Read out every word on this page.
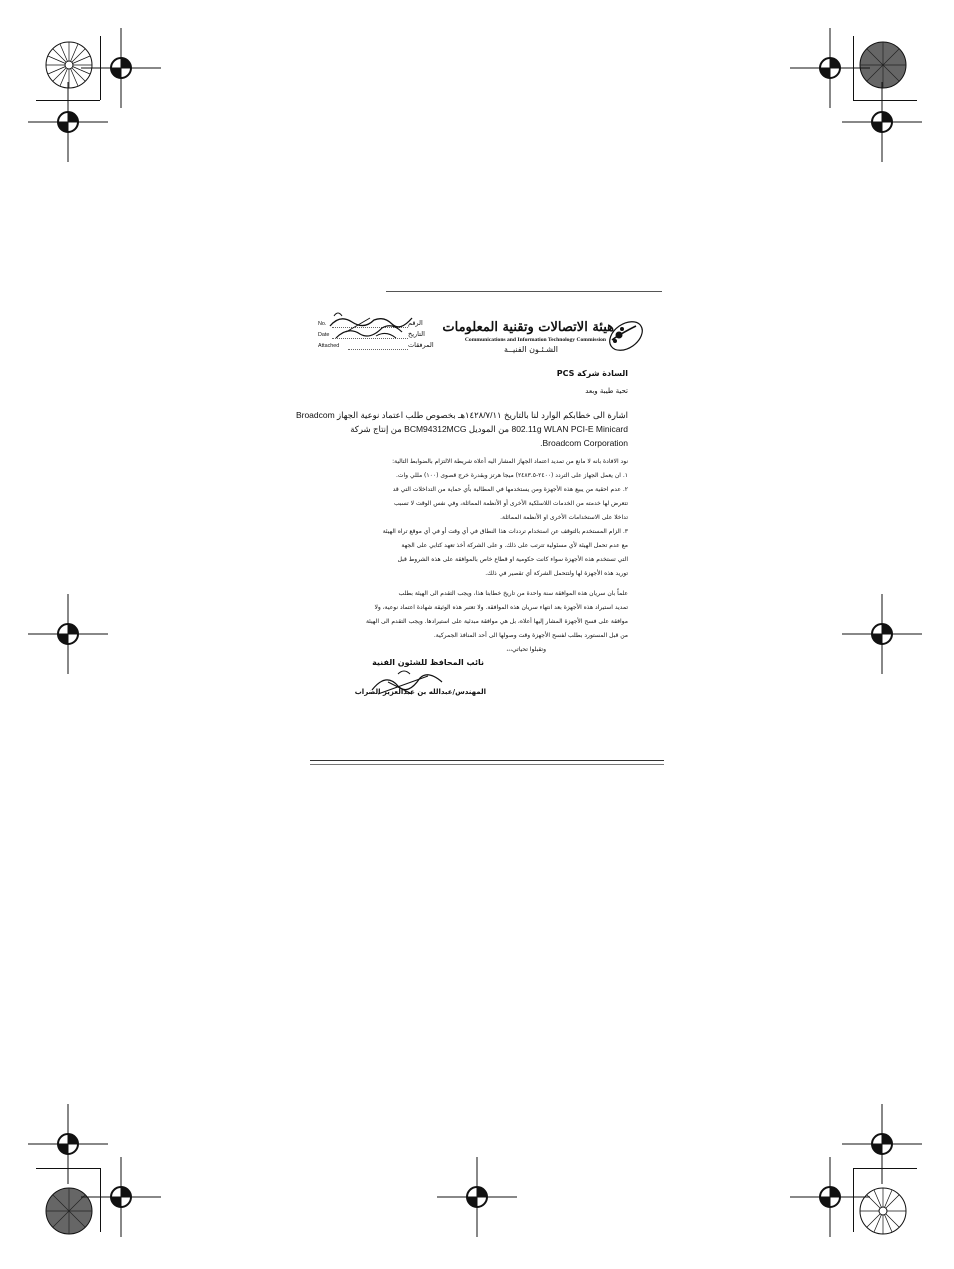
هيئة الاتصالات وتقنية المعلومات
Communications and Information Technology Commission
الشـئـون الفنيــة
No.	الرقم
Date	التاريخ
Attached	المرفقات
السادة شركة PCS
تحية طيبة وبعد
اشارة الى خطابكم الوارد لنا بالتاريخ ١٤٢٨/٧/١١هـ بخصوص طلب اعتماد نوعية الجهاز Broadcom
802.11g WLAN PCI-E Minicard من الموديل BCM94312MCG من إنتاج شركة
Broadcom Corporation.
نود الافادة بانه لا مانع من تمديد اعتماد الجهاز المشار اليه أعلاه شريطة الالتزام بالضوابط التالية:
١. ان يعمل الجهاز على التردد (٢٤٠٠-٢٤٨٣.٥) ميجا هرتز وبقدرة خرج قصوى (١٠٠) مللي وات.
٢. عدم احقية من يبيع هذه الأجهزة ومن يستخدمها في المطالبة بأي حماية من التداخلات التي قد
تتعرض لها خدمته من الخدمات اللاسلكية الأخرى أو الأنظمة المماثلة، وفي نفس الوقت لا تسبب
تداخلا على الاستخدامات الأخرى او الأنظمة المماثلة.
٣. الزام المستخدم بالتوقف عن استخدام ترددات هذا النطاق في أي وقت أو في أي موقع تراه الهيئة
مع عدم تحمل الهيئة لأي مسئولية تترتب على ذلك. و على الشركة أخذ تعهد كتابي على الجهة
التي تستخدم هذه الأجهزة سواء كانت حكومية او قطاع خاص بالموافقة على هذه الشروط قبل
توريد هذه الأجهزة لها ولتتحمل الشركة أي تقصير في ذلك.
علماً بان سريان هذه الموافقة سنة واحدة من تاريخ خطابنا هذا، ويجب التقدم الى الهيئة بطلب
تمديد استيراد هذه الأجهزة بعد انتهاء سريان هذه الموافقة. ولا تعتبر هذه الوثيقة شهادة اعتماد نوعية، ولا
موافقة على فسح الأجهزة المشار إليها أعلاه، بل هي موافقة مبدئية على استيرادها. ويجب التقدم الى الهيئة
من قبل المستورد بطلب لفسح الأجهزة وقت وصولها الى أحد المنافذ الجمركية.
وتقبلوا تحياتي،،،
نائب المحافظ للشئون الفنية
المهندس/عبدالله بن عبدالعزيز الضراب
